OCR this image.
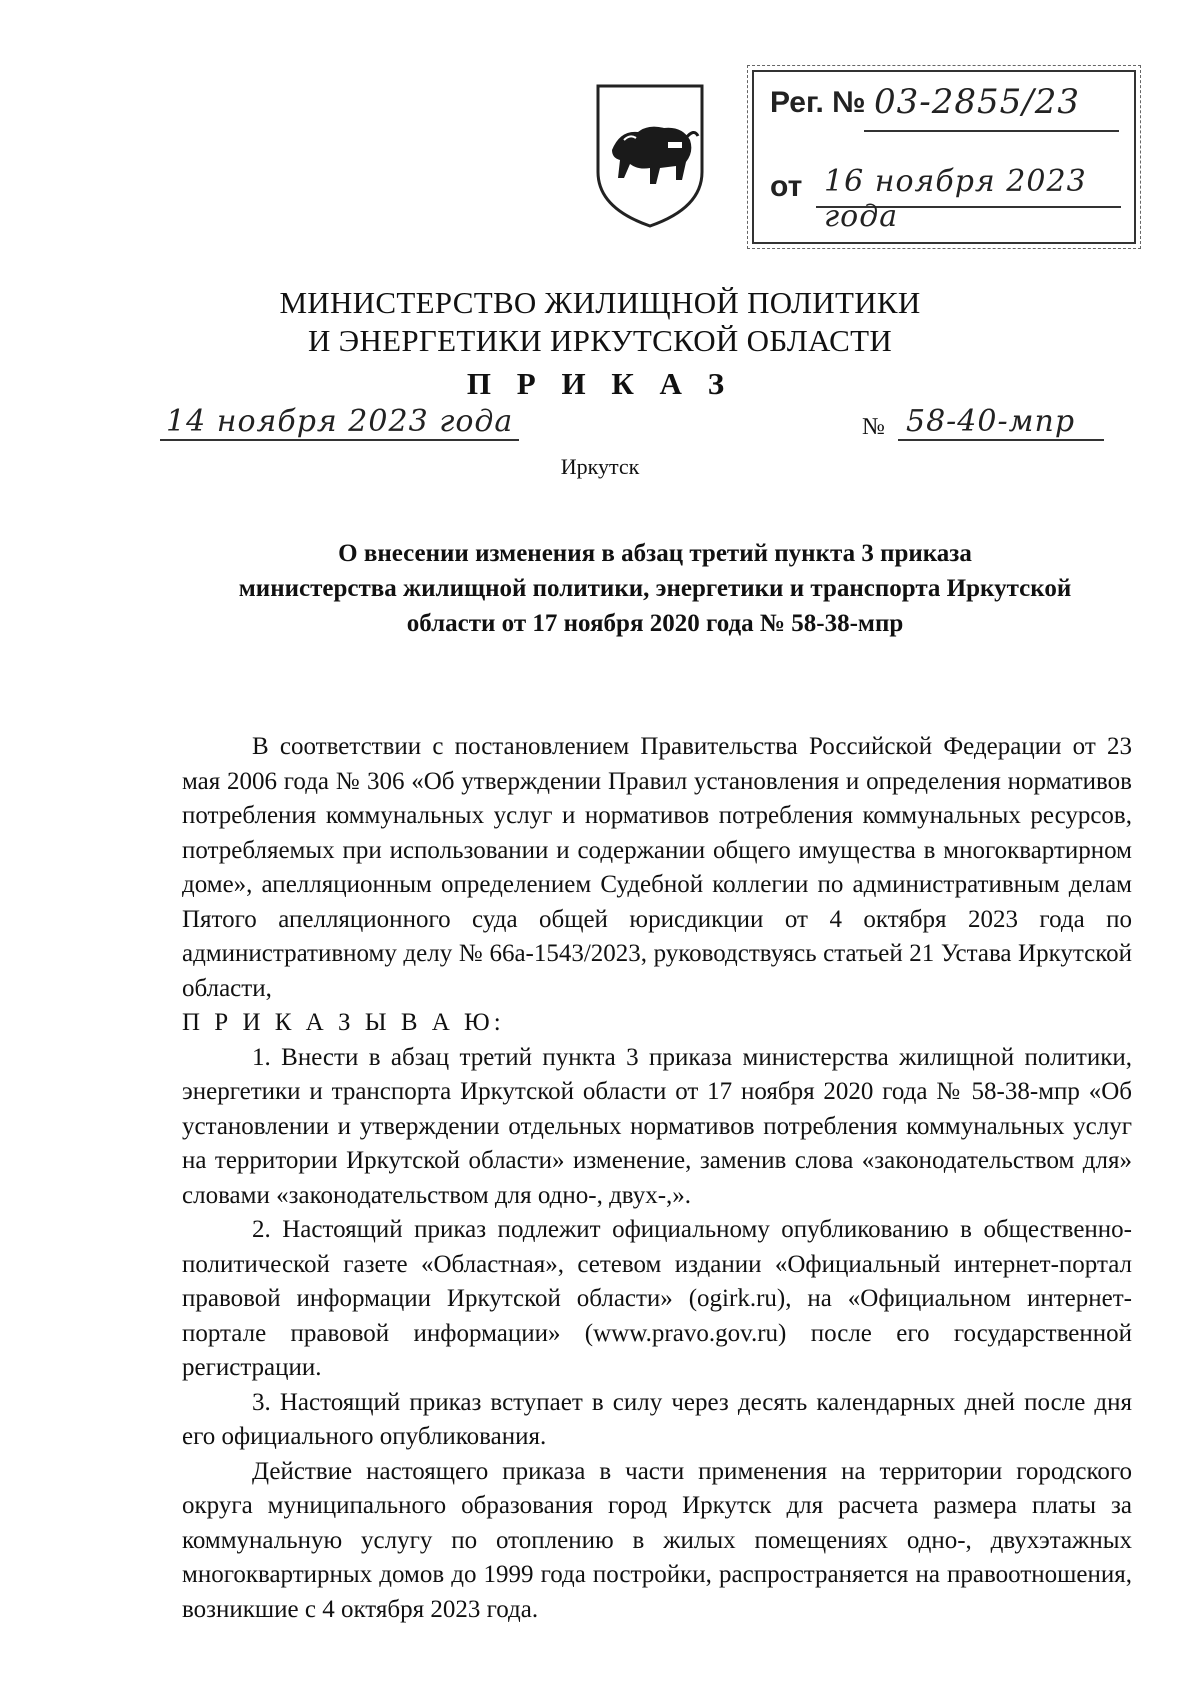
Рег. № 03-2855/23
от 16 ноября 2023 года
МИНИСТЕРСТВО ЖИЛИЩНОЙ ПОЛИТИКИ
И ЭНЕРГЕТИКИ ИРКУТСКОЙ ОБЛАСТИ
П Р И К А З
14 ноября 2023 года	№ 58-40-мпр
Иркутск
О внесении изменения в абзац третий пункта 3 приказа
министерства жилищной политики, энергетики и транспорта Иркутской
области от 17 ноября 2020 года № 58-38-мпр

В соответствии с постановлением Правительства Российской Федерации от 23 мая 2006 года № 306 «Об утверждении Правил установления и определения нормативов потребления коммунальных услуг и нормативов потребления коммунальных ресурсов, потребляемых при использовании и содержании общего имущества в многоквартирном доме», апелляционным определением Судебной коллегии по административным делам Пятого апелляционного суда общей юрисдикции от 4 октября 2023 года по административному делу № 66а-1543/2023, руководствуясь статьей 21 Устава Иркутской области,

П Р И К А З Ы В А Ю:

1. Внести в абзац третий пункта 3 приказа министерства жилищной политики, энергетики и транспорта Иркутской области от 17 ноября 2020 года № 58-38-мпр «Об установлении и утверждении отдельных нормативов потребления коммунальных услуг на территории Иркутской области» изменение, заменив слова «законодательством для» словами «законодательством для одно-, двух-,».

2. Настоящий приказ подлежит официальному опубликованию в общественно-политической газете «Областная», сетевом издании «Официальный интернет-портал правовой информации Иркутской области» (ogirk.ru), на «Официальном интернет-портале правовой информации» (www.pravo.gov.ru) после его государственной регистрации.

3. Настоящий приказ вступает в силу через десять календарных дней после дня его официального опубликования.

Действие настоящего приказа в части применения на территории городского округа муниципального образования город Иркутск для расчета размера платы за коммунальную услугу по отоплению в жилых помещениях одно-, двухэтажных многоквартирных домов до 1999 года постройки, распространяется на правоотношения, возникшие с 4 октября 2023 года.
